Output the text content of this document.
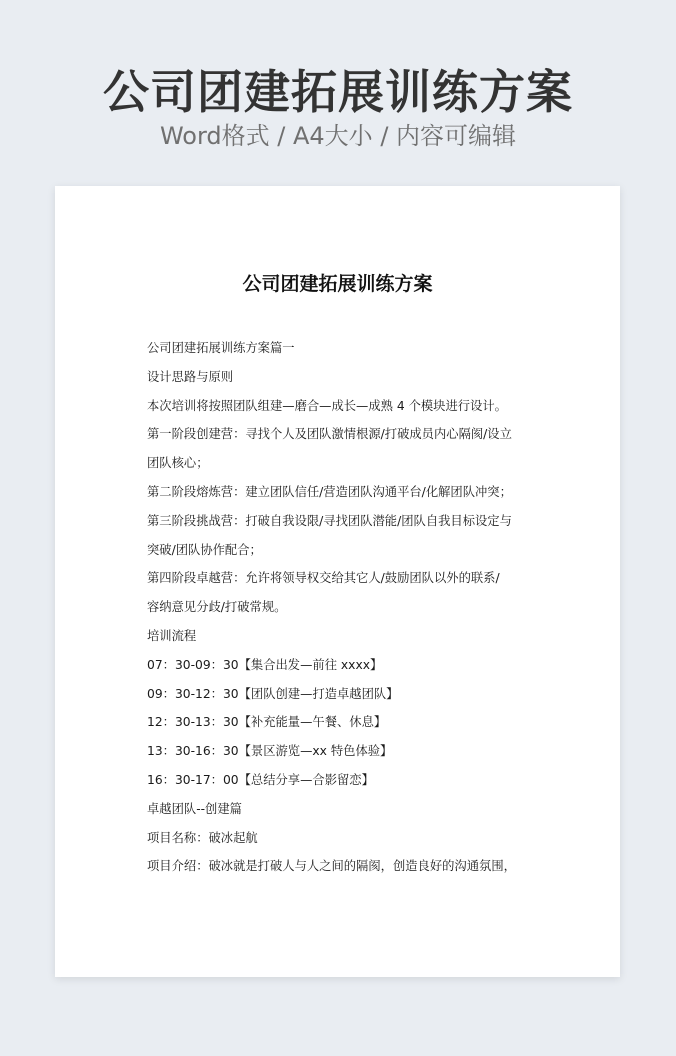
公司团建拓展训练方案
Word格式 / A4大小 / 内容可编辑
公司团建拓展训练方案
公司团建拓展训练方案篇一
设计思路与原则
本次培训将按照团队组建—磨合—成长—成熟 4 个模块进行设计。
第一阶段创建营：寻找个人及团队激情根源/打破成员内心隔阂/设立
团队核心；
第二阶段熔炼营：建立团队信任/营造团队沟通平台/化解团队冲突；
第三阶段挑战营：打破自我设限/寻找团队潜能/团队自我目标设定与
突破/团队协作配合；
第四阶段卓越营：允许将领导权交给其它人/鼓励团队以外的联系/
容纳意见分歧/打破常规。
培训流程
07：30-09：30【集合出发—前往 xxxx】
09：30-12：30【团队创建—打造卓越团队】
12：30-13：30【补充能量—午餐、休息】
13：30-16：30【景区游览—xx 特色体验】
16：30-17：00【总结分享—合影留恋】
卓越团队--创建篇
项目名称：破冰起航
项目介绍：破冰就是打破人与人之间的隔阂，创造良好的沟通氛围，
